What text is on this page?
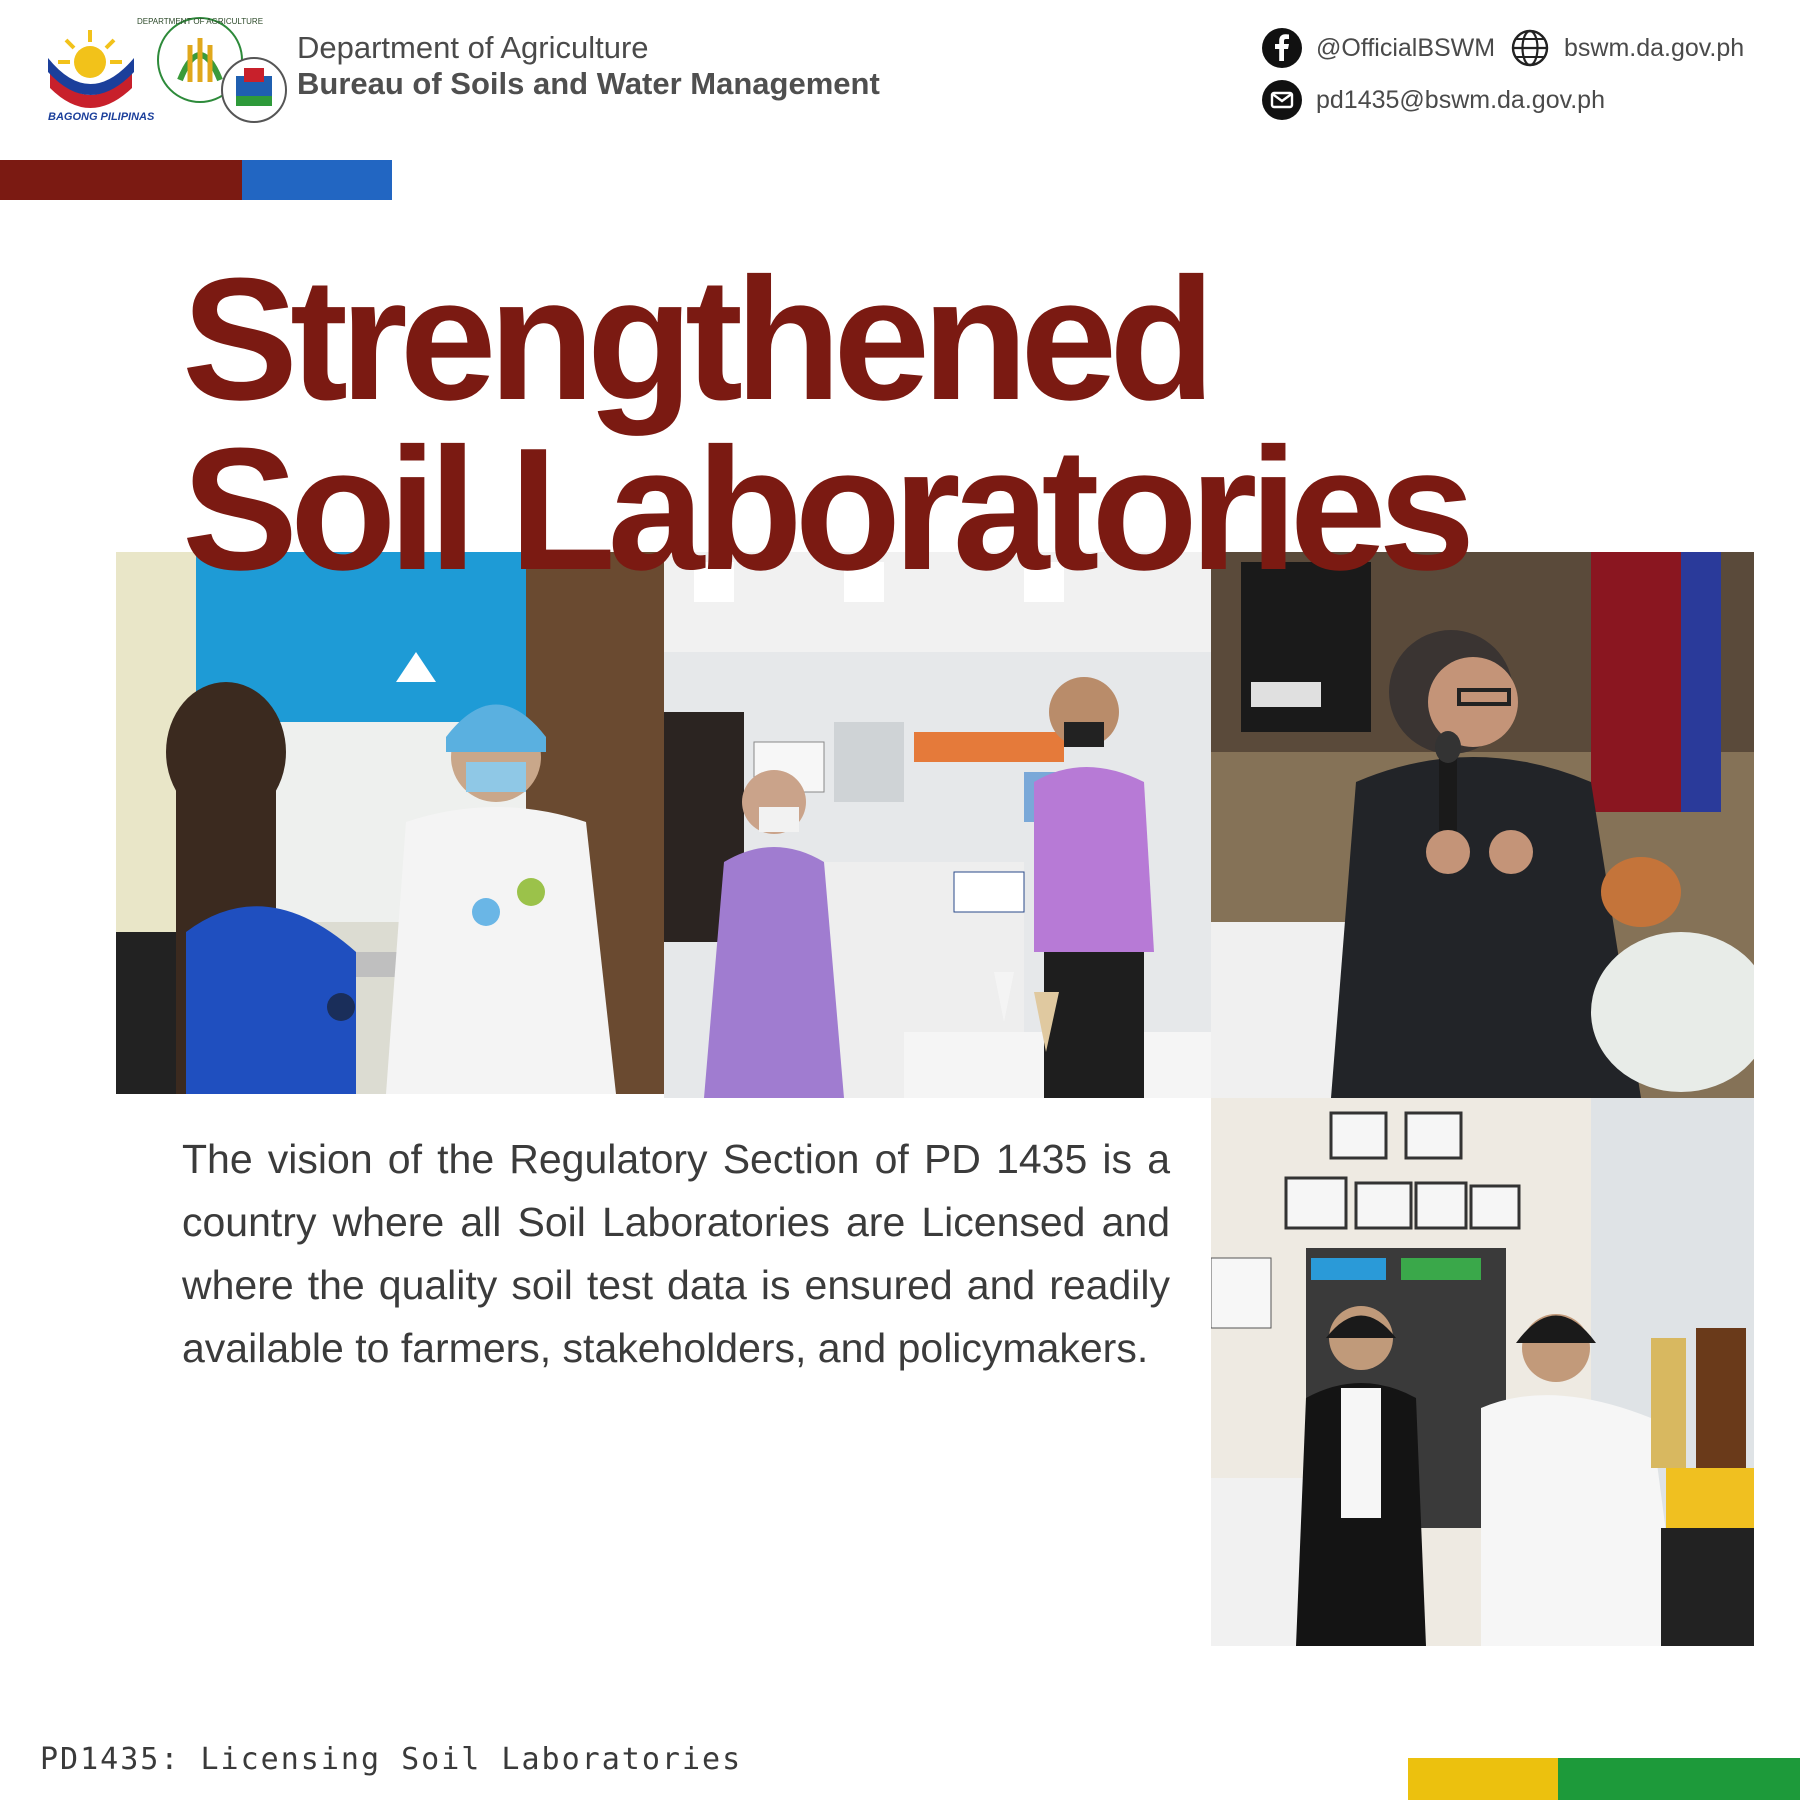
BAGONG PILIPINAS
DEPARTMENT OF AGRICULTURE
Department of Agriculture
Bureau of Soils and Water Management
@OfficialBSWM	bswm.da.gov.ph
pd1435@bswm.da.gov.ph
Strengthened
Soil Laboratories

The vision of the Regulatory Section of PD 1435 is a country where all Soil Laboratories are Licensed and where the quality soil test data is ensured and readily available to farmers, stakeholders, and policymakers.

PD1435: Licensing Soil Laboratories
